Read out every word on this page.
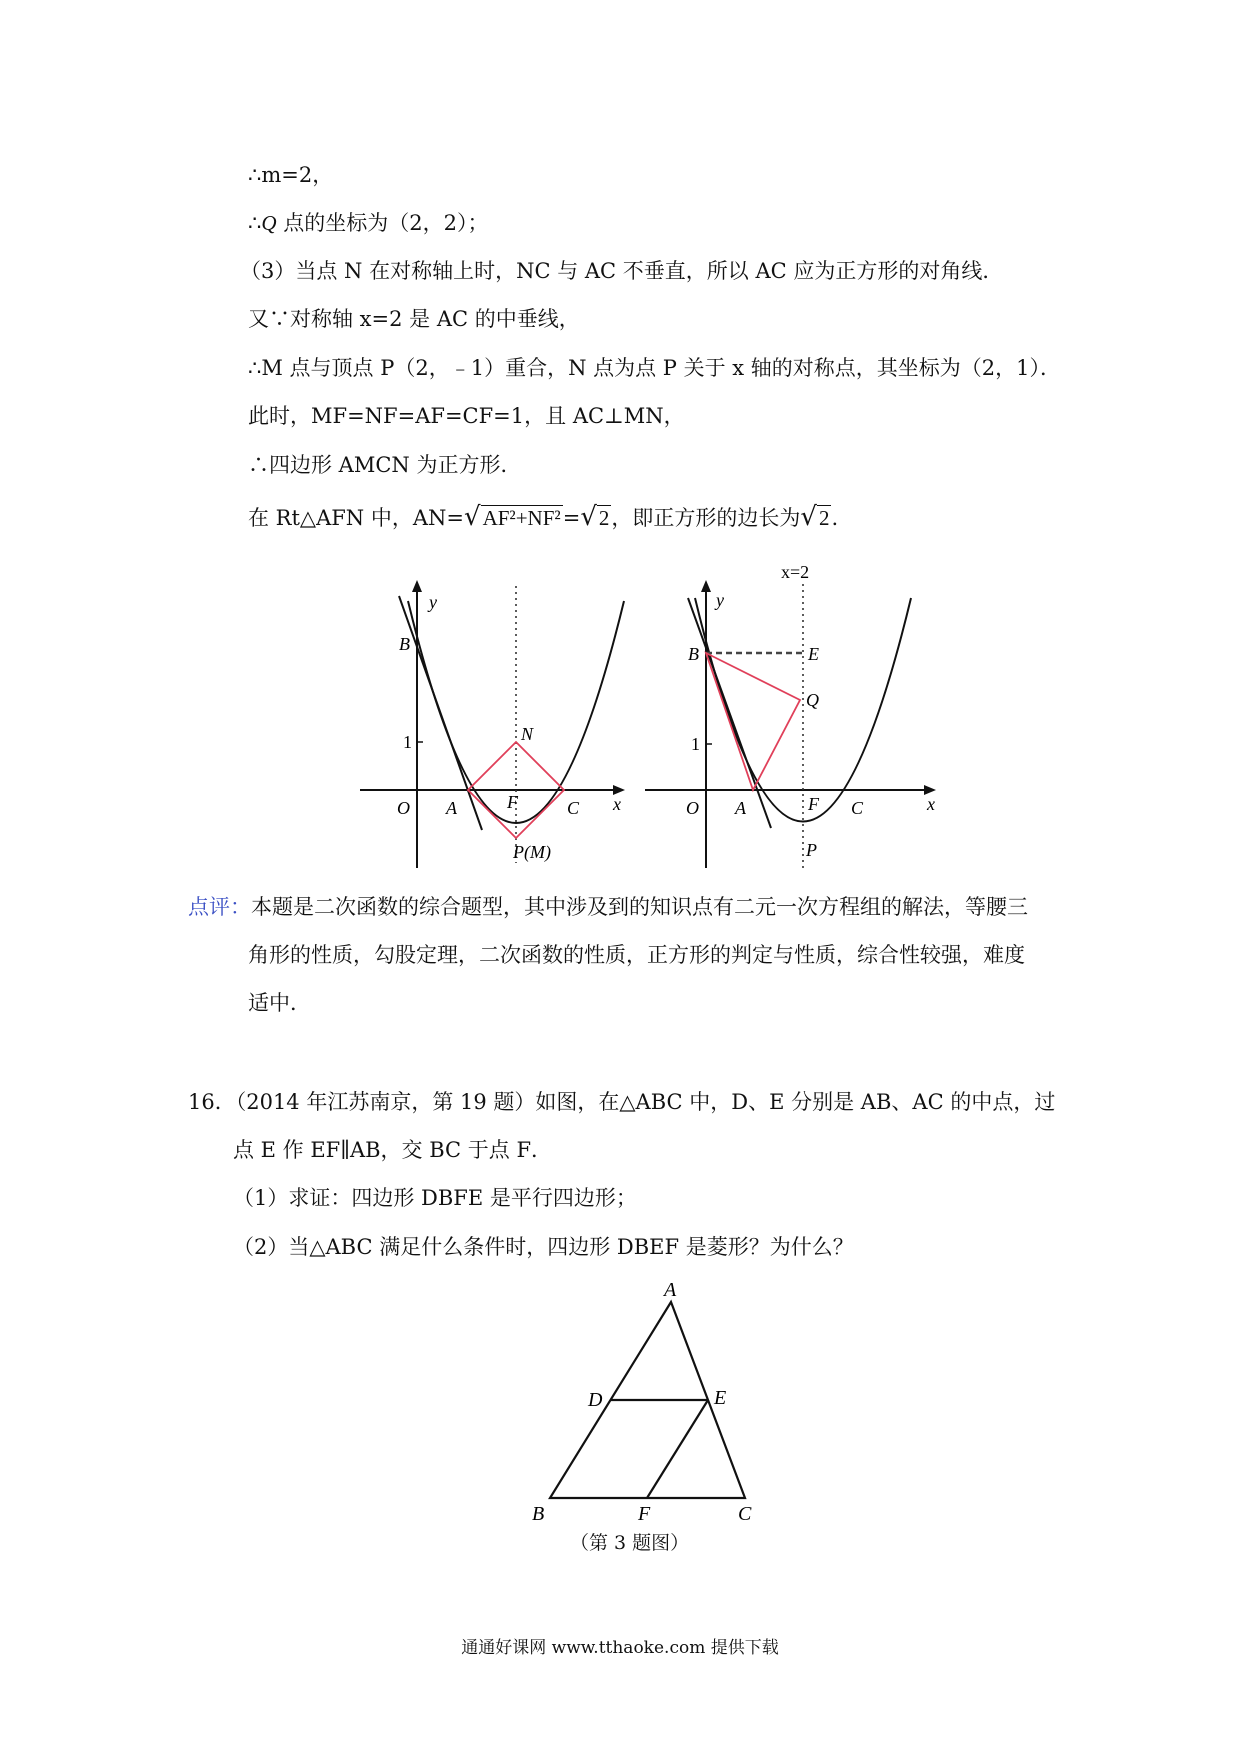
∴m=2，
∴Q 点的坐标为（2，2）；
（3）当点 N 在对称轴上时，NC 与 AC 不垂直，所以 AC 应为正方形的对角线．
又∵对称轴 x=2 是 AC 的中垂线，
∴M 点与顶点 P（2，﹣1）重合，N 点为点 P 关于 x 轴的对称点，其坐标为（2，1）．
此时，MF=NF=AF=CF=1，且 AC⊥MN，
∴四边形 AMCN 为正方形．
在 Rt△AFN 中，AN=√AF²+NF²=√2，即正方形的边长为√2.
y
x
O A
B
C
F
N
P(M)
1
x=2
y
x
O A
B
C
E
F
Q
P
1
点评：本题是二次函数的综合题型，其中涉及到的知识点有二元一次方程组的解法，等腰三
角形的性质，勾股定理，二次函数的性质，正方形的判定与性质，综合性较强，难度
适中．
16．（2014 年江苏南京，第 19 题）如图，在△ABC 中，D、E 分别是 AB、AC 的中点，过
点 E 作 EF∥AB，交 BC 于点 F．
（1）求证：四边形 DBFE 是平行四边形；
（2）当△ABC 满足什么条件时，四边形 DBEF 是菱形？为什么？
A
B	C
D	E
F
（第 3 题图）
通通好课网 www.tthaoke.com 提供下载
